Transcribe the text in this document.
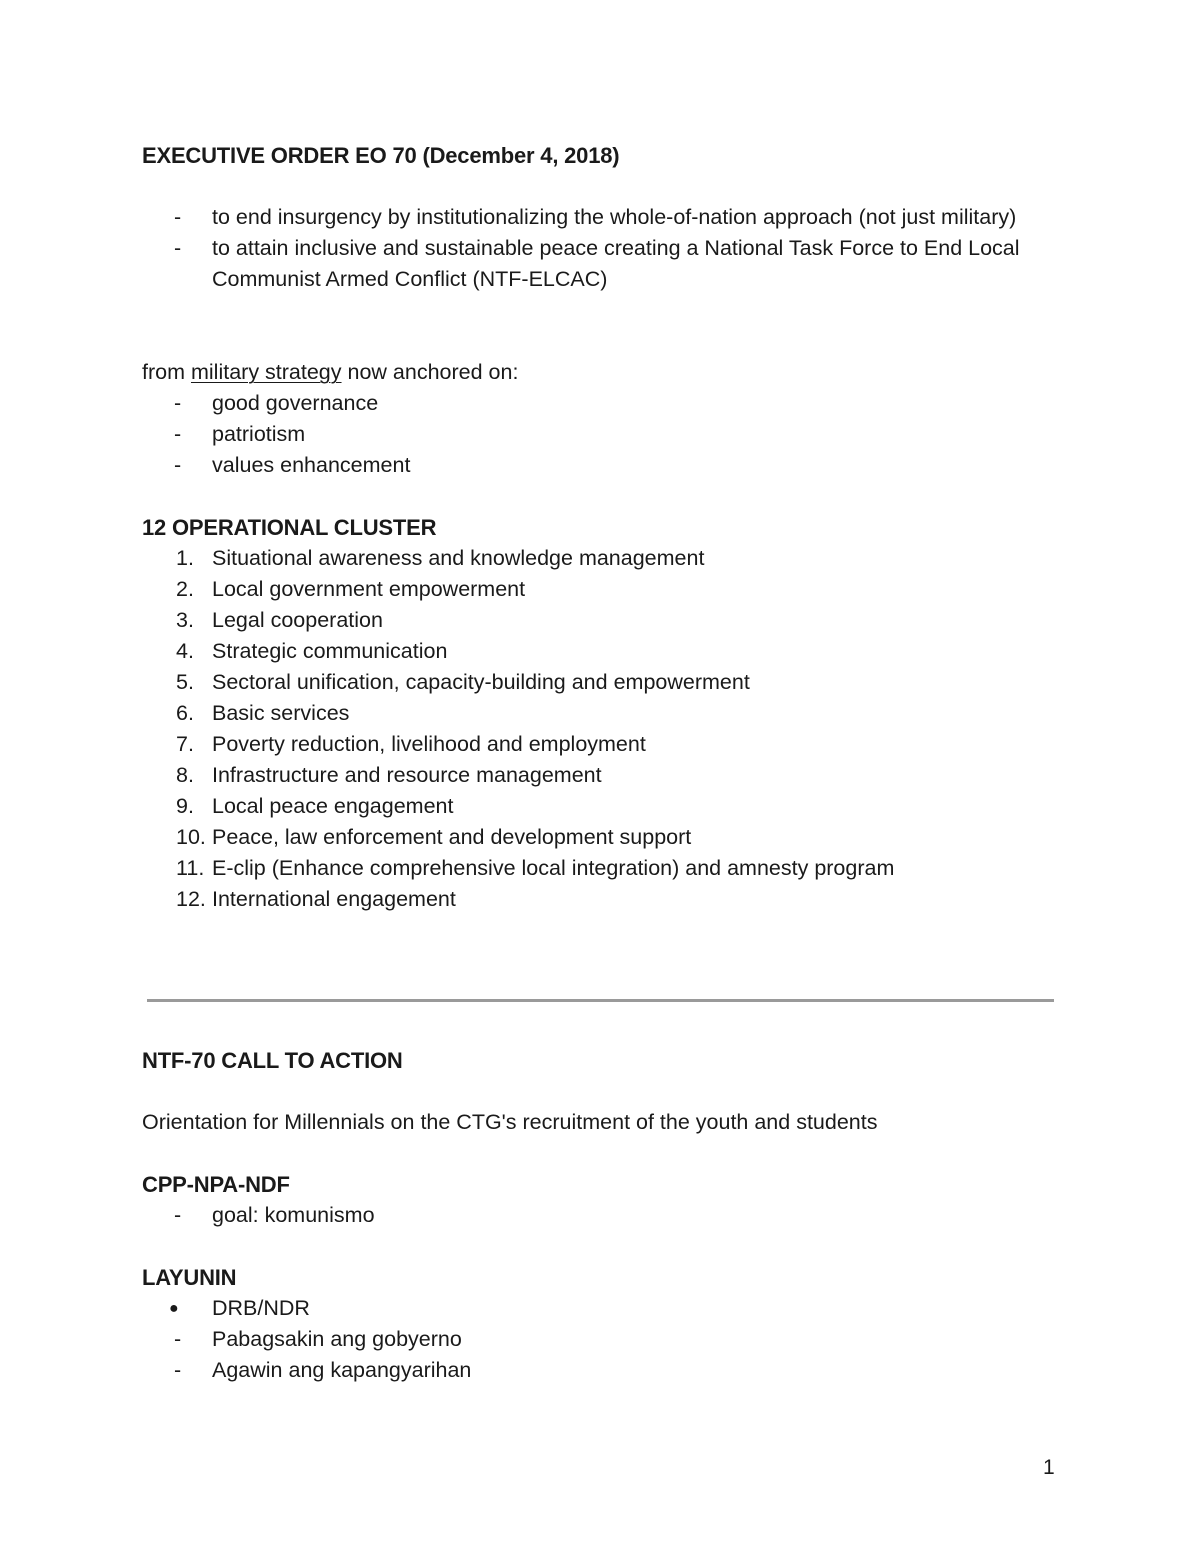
EXECUTIVE ORDER EO 70 (December 4, 2018)
- to end insurgency by institutionalizing the whole-of-nation approach (not just military)
- to attain inclusive and sustainable peace creating a National Task Force to End Local Communist Armed Conflict (NTF-ELCAC)

from military strategy now anchored on:

- good governance
- patriotism
- values enhancement
12 OPERATIONAL CLUSTER
1. Situational awareness and knowledge management
2. Local government empowerment
3. Legal cooperation
4. Strategic communication
5. Sectoral unification, capacity-building and empowerment
6. Basic services
7. Poverty reduction, livelihood and employment
8. Infrastructure and resource management
9. Local peace engagement
10. Peace, law enforcement and development support
11. E-clip (Enhance comprehensive local integration) and amnesty program
12. International engagement
NTF-70 CALL TO ACTION

Orientation for Millennials on the CTG's recruitment of the youth and students

CPP-NPA-NDF
- goal: komunismo
LAYUNIN
● DRB/NDR
- Pabagsakin ang gobyerno
- Agawin ang kapangyarihan
1
